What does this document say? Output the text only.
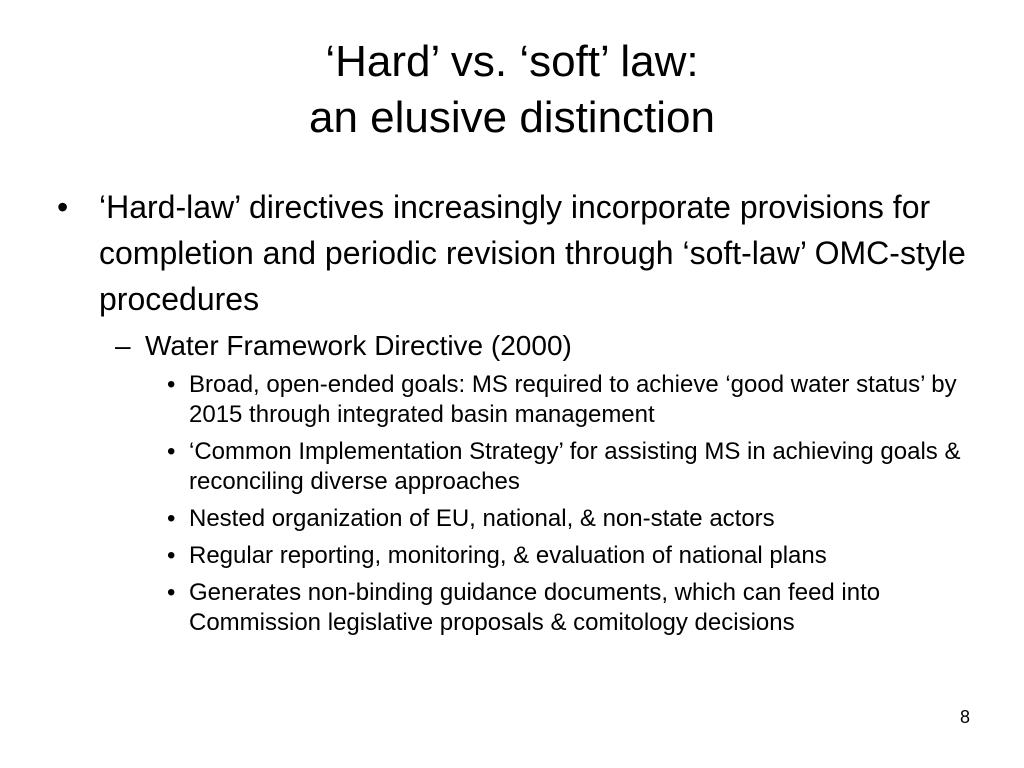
‘Hard’ vs. ‘soft’ law:
an elusive distinction
• ‘Hard-law’ directives increasingly incorporate provisions for completion and periodic revision through ‘soft-law’ OMC-style procedures
– Water Framework Directive (2000)
• Broad, open-ended goals: MS required to achieve ‘good water status’ by 2015 through integrated basin management
• ‘Common Implementation Strategy’ for assisting MS in achieving goals & reconciling diverse approaches
• Nested organization of EU, national, & non-state actors
• Regular reporting, monitoring, & evaluation of national plans
• Generates non-binding guidance documents, which can feed into Commission legislative proposals & comitology decisions
8
